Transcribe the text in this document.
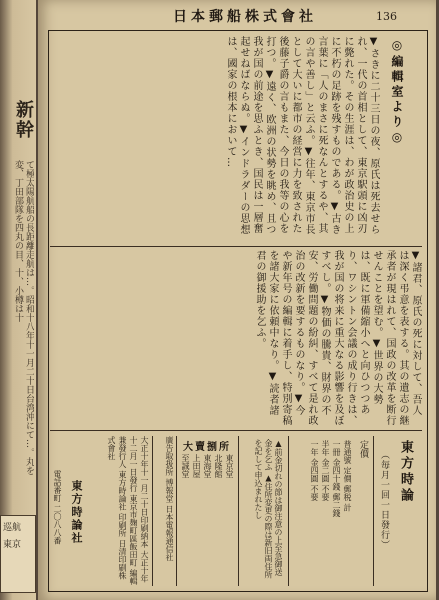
新幹
て極太陽航船の長距離走航は…。昭和十八年十一月二十日台湾沖にて…。丸を変、丁田部隊を四丸の目、十、小樽は十
巡航
東京
社會式株船郵本日	136
◎編輯室より◎
▼さきに二十三日の夜、原氏は死去せられ、一代の首相として、東京駅頭に凶刃に斃れた。その生涯は、わが政治史の上に不朽の足跡を残すものである。▼古き言葉に「人のまさに死なんとするや、其の言や善し」と云ふ。▼往年、東京市長として大いに都市の経営に力を致された後藤子爵の言もまた、今日の我等の心を打つ。▼遠く、欧洲の状勢を眺め、且つ我が国の前途を思ふとき、国民は一層奮起せねばならぬ。▼インドラダーの思想は、國家の根本において…
▼諸君、原氏の死に対して、吾人は深く弔意を表する。其の遺志の継承者が現はれて、国政の改革を断行せんことを望む。▼世界の大勢は、既に軍備縮小へと向ひつつあり、ワシントン会議の成り行きは、我が国の将来に重大なる影響を及ぼすべし。▼物価の騰貴、財界の不安、労働問題の紛糾、すべて是れ政治の改新を要するものなり。▼今や新年号の編輯に着手し、特別寄稿を諸大家に依頼中なり。▼読者諸君の御援助を乞ふ。
東方時論
（毎月一回一日發行）
定價
普通號 定價 郵税 計
一冊 金四十錢 郵二錢
半年 金二圓 不要
一年 金四圓 不要
▲前金切れの節は御注意の上至急御送金を乞ふ ▲住所変更の際は新旧両住所を記して申込まれたし
大賣捌所
東京堂
北隆館
東海堂
上田屋
至誠堂
廣告取扱所 博報堂 日本電報通信社
大正十年十一月二十日印刷納本 大正十年十二月一日發行 東京市麹町區飯田町 編輯兼發行人 東方時論社 印刷所 日清印刷株式會社
東方時論社
電話番町 二〇八八番
